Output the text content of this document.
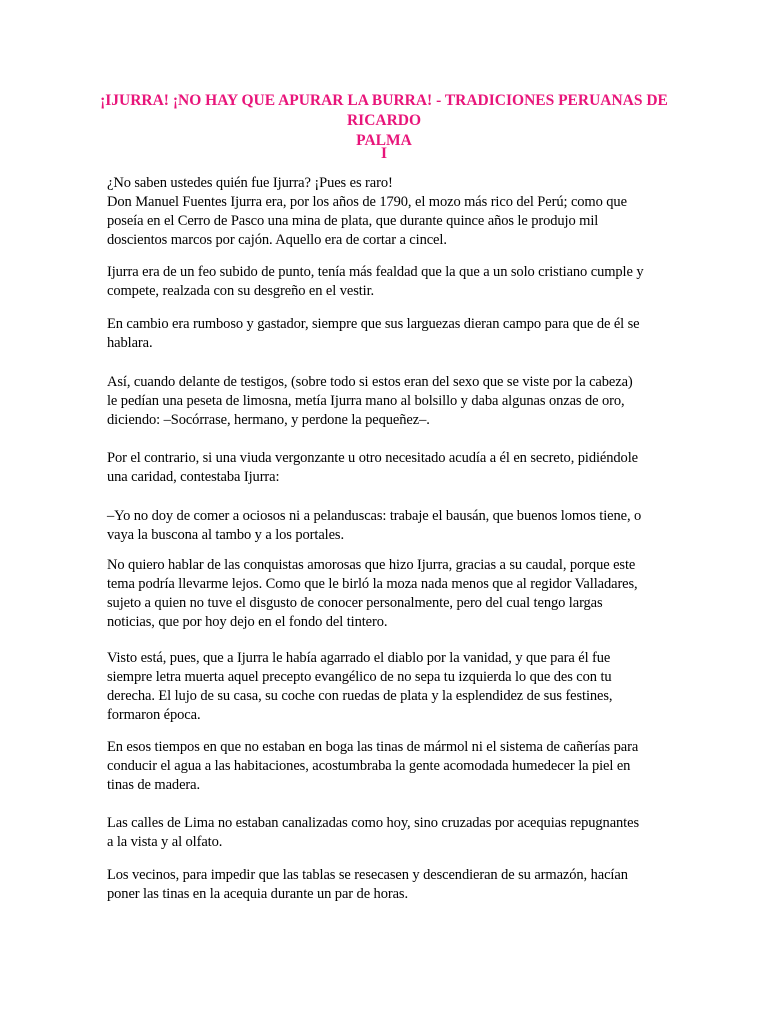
¡IJURRA! ¡NO HAY QUE APURAR LA BURRA! - TRADICIONES PERUANAS DE RICARDO
PALMA
I
¿No saben ustedes quién fue Ijurra? ¡Pues es raro!
Don Manuel Fuentes Ijurra era, por los años de 1790, el mozo más rico del Perú; como que
poseía en el Cerro de Pasco una mina de plata, que durante quince años le produjo mil
doscientos marcos por cajón. Aquello era de cortar a cincel.
Ijurra era de un feo subido de punto, tenía más fealdad que la que a un solo cristiano cumple y
compete, realzada con su desgreño en el vestir.
En cambio era rumboso y gastador, siempre que sus larguezas dieran campo para que de él se
hablara.
Así, cuando delante de testigos, (sobre todo si estos eran del sexo que se viste por la cabeza)
le pedían una peseta de limosna, metía Ijurra mano al bolsillo y daba algunas onzas de oro,
diciendo: –Socórrase, hermano, y perdone la pequeñez–.
Por el contrario, si una viuda vergonzante u otro necesitado acudía a él en secreto, pidiéndole
una caridad, contestaba Ijurra:
–Yo no doy de comer a ociosos ni a pelanduscas: trabaje el bausán, que buenos lomos tiene, o
vaya la buscona al tambo y a los portales.
No quiero hablar de las conquistas amorosas que hizo Ijurra, gracias a su caudal, porque este
tema podría llevarme lejos. Como que le birló la moza nada menos que al regidor Valladares,
sujeto a quien no tuve el disgusto de conocer personalmente, pero del cual tengo largas
noticias, que por hoy dejo en el fondo del tintero.
Visto está, pues, que a Ijurra le había agarrado el diablo por la vanidad, y que para él fue
siempre letra muerta aquel precepto evangélico de no sepa tu izquierda lo que des con tu
derecha. El lujo de su casa, su coche con ruedas de plata y la esplendidez de sus festines,
formaron época.
En esos tiempos en que no estaban en boga las tinas de mármol ni el sistema de cañerías para
conducir el agua a las habitaciones, acostumbraba la gente acomodada humedecer la piel en
tinas de madera.
Las calles de Lima no estaban canalizadas como hoy, sino cruzadas por acequias repugnantes
a la vista y al olfato.
Los vecinos, para impedir que las tablas se resecasen y descendieran de su armazón, hacían
poner las tinas en la acequia durante un par de horas.
